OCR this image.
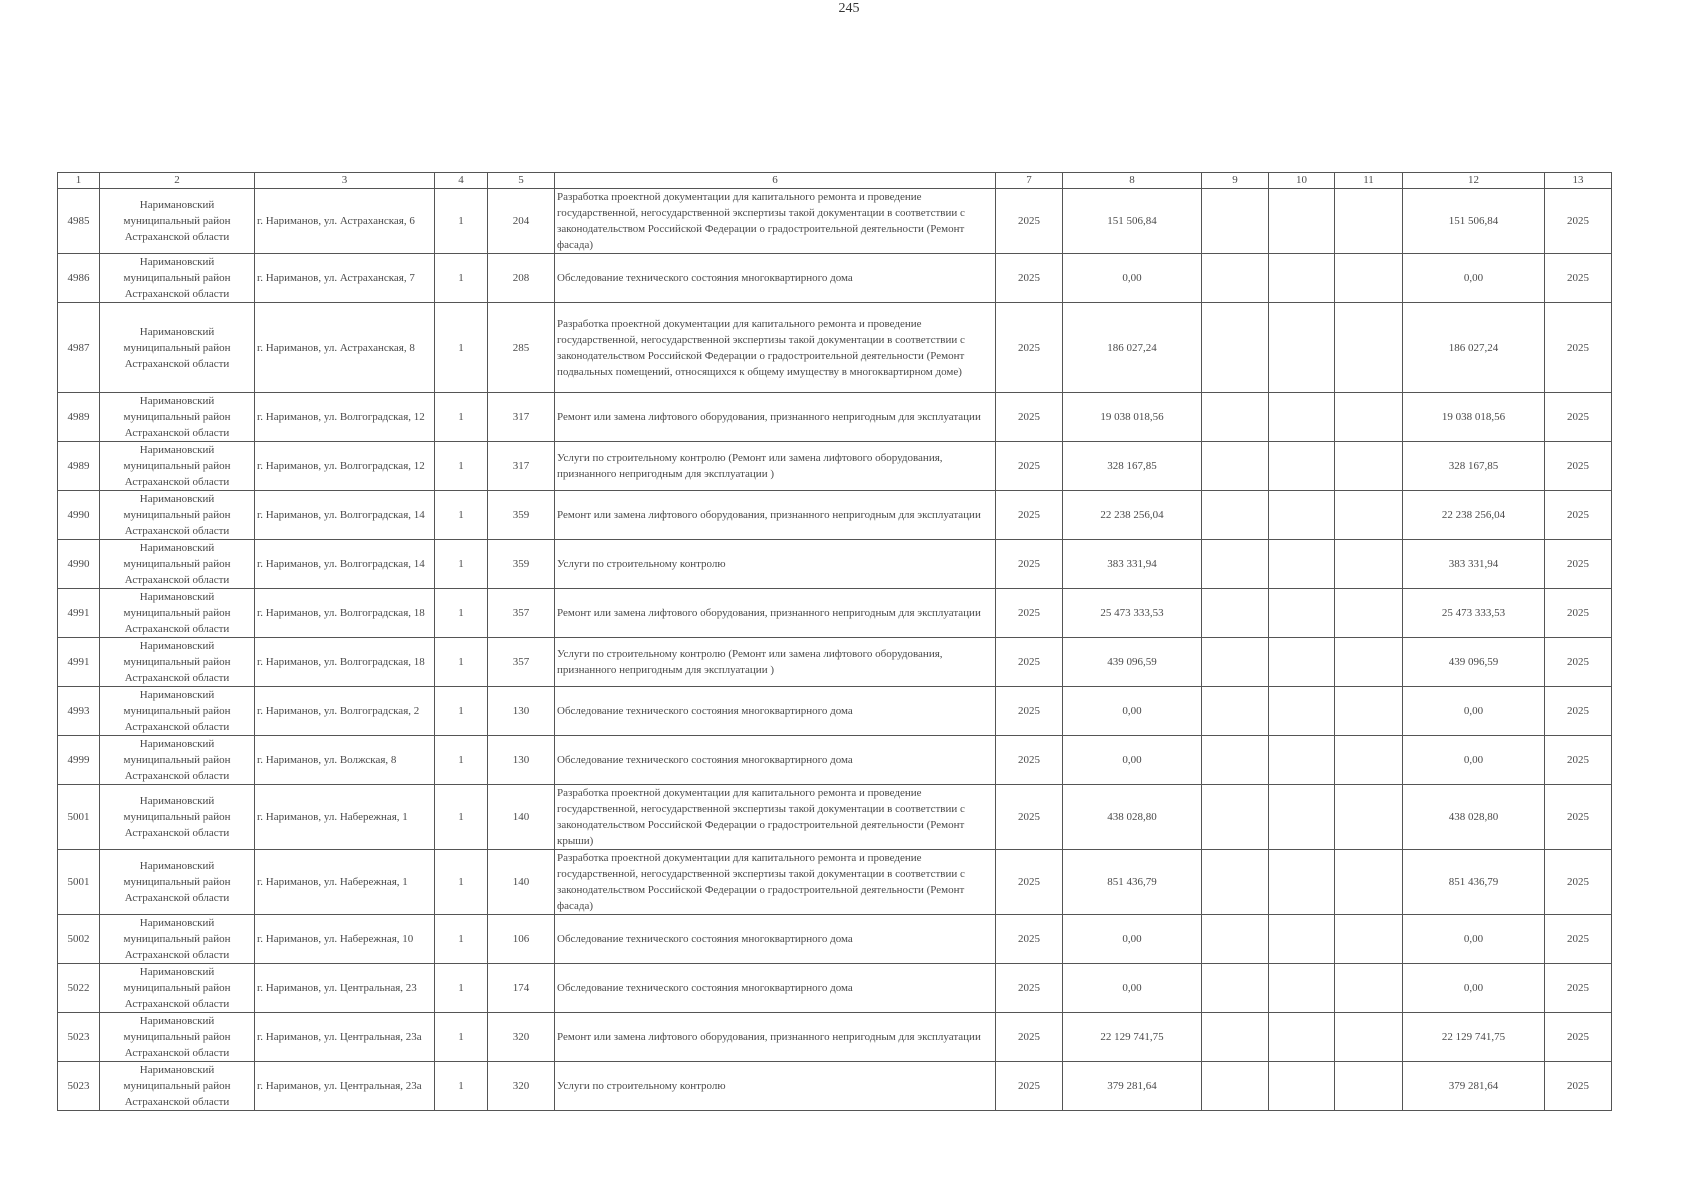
245
1	2	3	4	5	6	7	8	9	10	11	12	13
4985	Наримановский муниципальный район Астраханской области	г. Нариманов, ул. Астраханская, 6	1	204	Разработка проектной документации для капитального ремонта и проведение государственной, негосударственной экспертизы такой документации в соответствии с законодательством Российской Федерации о градостроительной деятельности (Ремонт фасада)	2025	151 506,84				151 506,84	2025
4986	Наримановский муниципальный район Астраханской области	г. Нариманов, ул. Астраханская, 7	1	208	Обследование технического состояния многоквартирного дома	2025	0,00				0,00	2025
4987	Наримановский муниципальный район Астраханской области	г. Нариманов, ул. Астраханская, 8	1	285	Разработка проектной документации для капитального ремонта и проведение государственной, негосударственной экспертизы такой документации в соответствии с законодательством Российской Федерации о градостроительной деятельности (Ремонт подвальных помещений, относящихся к общему имуществу в многоквартирном доме)	2025	186 027,24				186 027,24	2025
4989	Наримановский муниципальный район Астраханской области	г. Нариманов, ул. Волгоградская, 12	1	317	Ремонт или замена лифтового оборудования, признанного непригодным для эксплуатации	2025	19 038 018,56				19 038 018,56	2025
4989	Наримановский муниципальный район Астраханской области	г. Нариманов, ул. Волгоградская, 12	1	317	Услуги по строительному контролю (Ремонт или замена лифтового оборудования, признанного непригодным для эксплуатации )	2025	328 167,85				328 167,85	2025
4990	Наримановский муниципальный район Астраханской области	г. Нариманов, ул. Волгоградская, 14	1	359	Ремонт или замена лифтового оборудования, признанного непригодным для эксплуатации	2025	22 238 256,04				22 238 256,04	2025
4990	Наримановский муниципальный район Астраханской области	г. Нариманов, ул. Волгоградская, 14	1	359	Услуги по строительному контролю	2025	383 331,94				383 331,94	2025
4991	Наримановский муниципальный район Астраханской области	г. Нариманов, ул. Волгоградская, 18	1	357	Ремонт или замена лифтового оборудования, признанного непригодным для эксплуатации	2025	25 473 333,53				25 473 333,53	2025
4991	Наримановский муниципальный район Астраханской области	г. Нариманов, ул. Волгоградская, 18	1	357	Услуги по строительному контролю (Ремонт или замена лифтового оборудования, признанного непригодным для эксплуатации )	2025	439 096,59				439 096,59	2025
4993	Наримановский муниципальный район Астраханской области	г. Нариманов, ул. Волгоградская, 2	1	130	Обследование технического состояния многоквартирного дома	2025	0,00				0,00	2025
4999	Наримановский муниципальный район Астраханской области	г. Нариманов, ул. Волжская, 8	1	130	Обследование технического состояния многоквартирного дома	2025	0,00				0,00	2025
5001	Наримановский муниципальный район Астраханской области	г. Нариманов, ул. Набережная, 1	1	140	Разработка проектной документации для капитального ремонта и проведение государственной, негосударственной экспертизы такой документации в соответствии с законодательством Российской Федерации о градостроительной деятельности (Ремонт крыши)	2025	438 028,80				438 028,80	2025
5001	Наримановский муниципальный район Астраханской области	г. Нариманов, ул. Набережная, 1	1	140	Разработка проектной документации для капитального ремонта и проведение государственной, негосударственной экспертизы такой документации в соответствии с законодательством Российской Федерации о градостроительной деятельности (Ремонт фасада)	2025	851 436,79				851 436,79	2025
5002	Наримановский муниципальный район Астраханской области	г. Нариманов, ул. Набережная, 10	1	106	Обследование технического состояния многоквартирного дома	2025	0,00				0,00	2025
5022	Наримановский муниципальный район Астраханской области	г. Нариманов, ул. Центральная, 23	1	174	Обследование технического состояния многоквартирного дома	2025	0,00				0,00	2025
5023	Наримановский муниципальный район Астраханской области	г. Нариманов, ул. Центральная, 23а	1	320	Ремонт или замена лифтового оборудования, признанного непригодным для эксплуатации	2025	22 129 741,75				22 129 741,75	2025
5023	Наримановский муниципальный район Астраханской области	г. Нариманов, ул. Центральная, 23а	1	320	Услуги по строительному контролю	2025	379 281,64				379 281,64	2025
